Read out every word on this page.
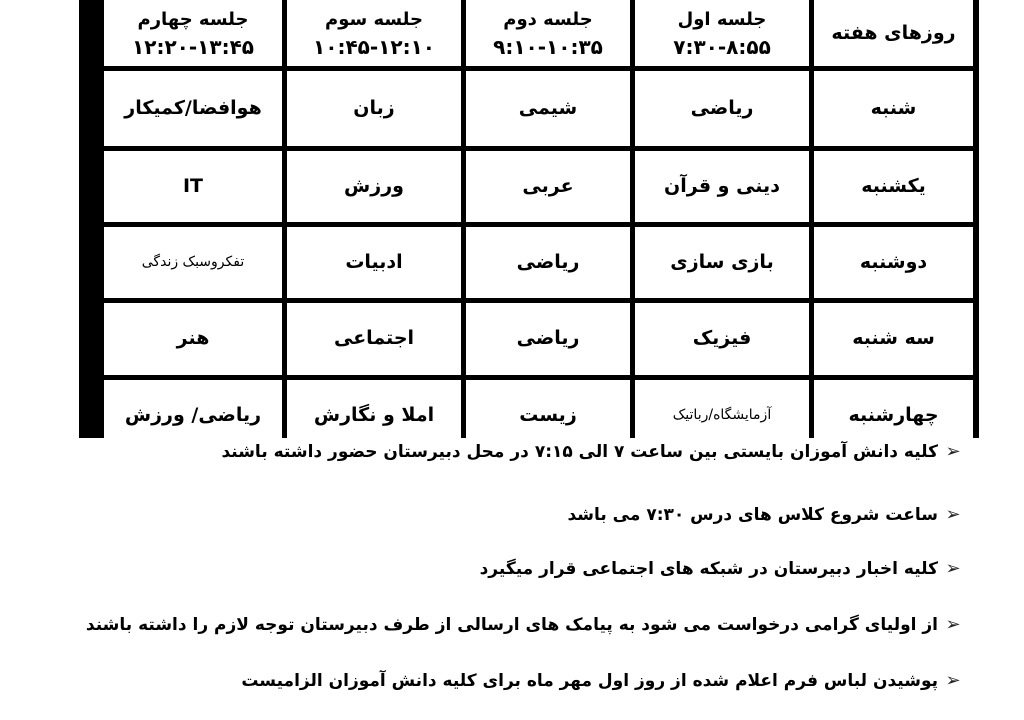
روزهای هفته
جلسه اول
۷:۳۰-۸:۵۵
جلسه دوم
۹:۱۰-۱۰:۳۵
جلسه سوم
۱۰:۴۵-۱۲:۱۰
جلسه چهارم
۱۲:۲۰-۱۳:۴۵
شنبه
ریاضی
شیمی
زبان
هوافضا/کمیکار
یکشنبه
دینی و قرآن
عربی
ورزش
IT
دوشنبه
بازی سازی
ریاضی
ادبیات
تفکروسبک زندگی
سه شنبه
فیزیک
ریاضی
اجتماعی
هنر
چهارشنبه
آزمایشگاه/رباتیک
زیست
املا و نگارش
ریاضی/ ورزش
➢
کلیه دانش آموزان بایستی بین ساعت ۷ الی ۷:۱۵ در محل دبیرستان حضور داشته باشند
➢
ساعت شروع کلاس های درس ۷:۳۰ می باشد
➢
کلیه اخبار دبیرستان در شبکه های اجتماعی قرار میگیرد
➢
از اولیای گرامی درخواست می شود به پیامک های ارسالی از طرف دبیرستان توجه لازم را داشته باشند
➢
پوشیدن لباس فرم اعلام شده از روز اول مهر ماه برای کلیه دانش آموزان الزامیست
